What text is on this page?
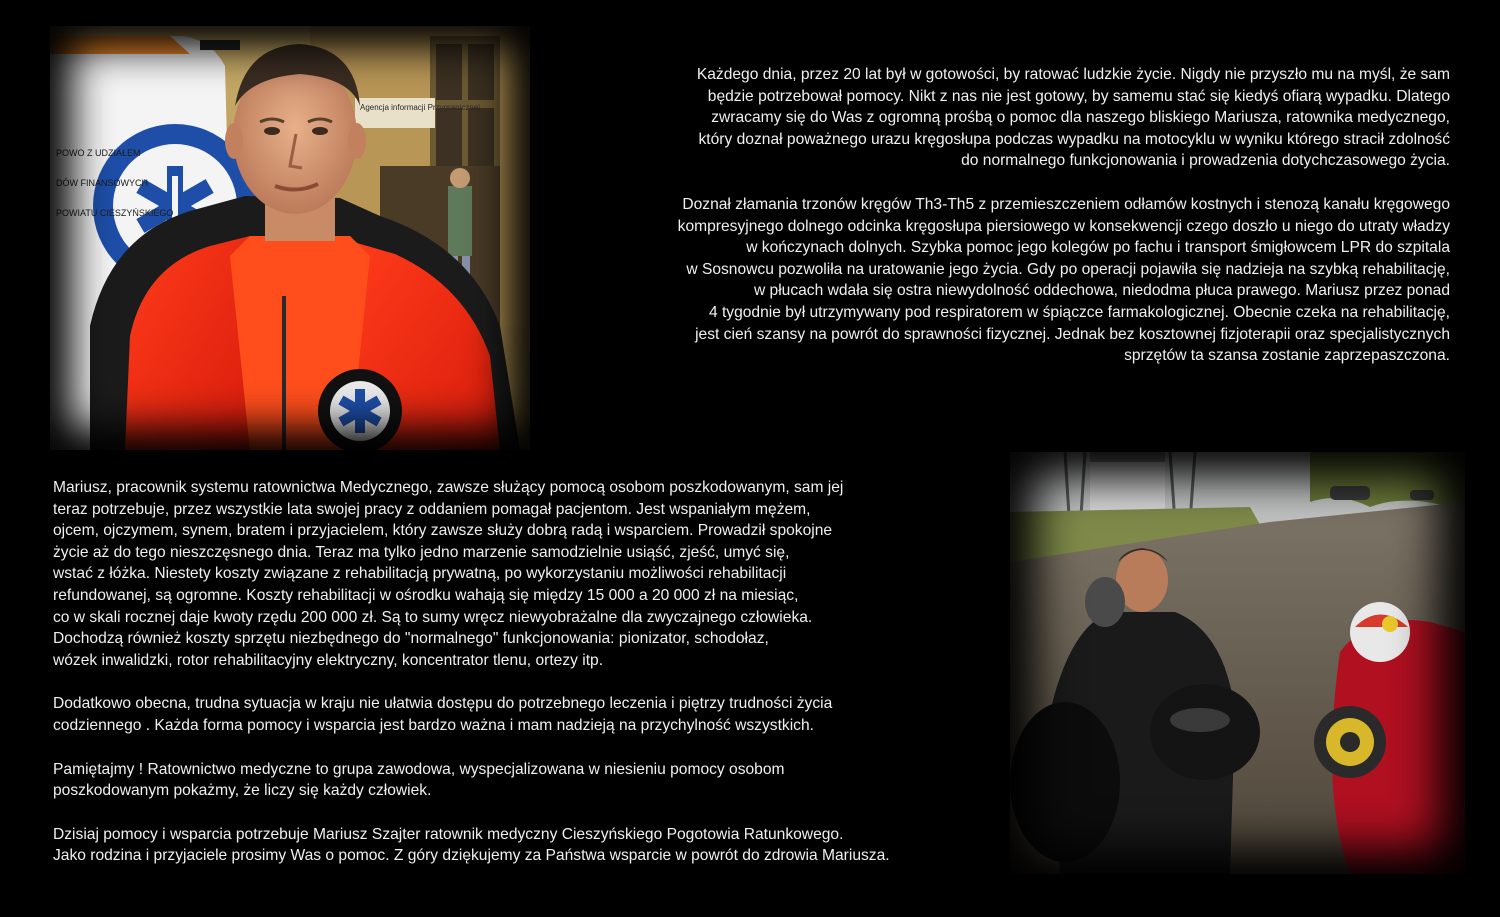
Agencja informacji Przygranicznej
POWO Z UDZIAŁEM
DÓW FINANSOWYCH
POWIATU CIESZYŃSKIEGO

Każdego dnia, przez 20 lat był w gotowości, by ratować ludzkie życie. Nigdy nie przyszło mu na myśl, że sam
będzie potrzebował pomocy. Nikt z nas nie jest gotowy, by samemu stać się kiedyś ofiarą wypadku. Dlatego
zwracamy się do Was z ogromną prośbą o pomoc dla naszego bliskiego Mariusza, ratownika medycznego,
który doznał poważnego urazu kręgosłupa podczas wypadku na motocyklu w wyniku którego stracił zdolność
do normalnego funkcjonowania i prowadzenia dotychczasowego życia.

Doznał złamania trzonów kręgów Th3-Th5 z przemieszczeniem odłamów kostnych i stenozą kanału kręgowego
kompresyjnego dolnego odcinka kręgosłupa piersiowego w konsekwencji czego doszło u niego do utraty władzy
w kończynach dolnych. Szybka pomoc jego kolegów po fachu i transport śmigłowcem LPR do szpitala
w Sosnowcu pozwoliła na uratowanie jego życia. Gdy po operacji pojawiła się nadzieja na szybką rehabilitację,
w płucach wdała się ostra niewydolność oddechowa, niedodma płuca prawego. Mariusz przez ponad
4 tygodnie był utrzymywany pod respiratorem w śpiączce farmakologicznej. Obecnie czeka na rehabilitację,
jest cień szansy na powrót do sprawności fizycznej. Jednak bez kosztownej fizjoterapii oraz specjalistycznych
sprzętów ta szansa zostanie zaprzepaszczona.

Mariusz, pracownik systemu ratownictwa Medycznego, zawsze służący pomocą osobom poszkodowanym, sam jej
teraz potrzebuje, przez wszystkie lata swojej pracy z oddaniem pomagał pacjentom. Jest wspaniałym mężem,
ojcem, ojczymem, synem, bratem i przyjacielem, który zawsze służy dobrą radą i wsparciem. Prowadził spokojne
życie aż do tego nieszczęsnego dnia. Teraz ma tylko jedno marzenie samodzielnie usiąść, zjeść, umyć się,
wstać z łóżka. Niestety koszty związane z rehabilitacją prywatną, po wykorzystaniu możliwości rehabilitacji
refundowanej, są ogromne. Koszty rehabilitacji w ośrodku wahają się między 15 000 a 20 000 zł na miesiąc,
co w skali rocznej daje kwoty rzędu 200 000 zł. Są to sumy wręcz niewyobrażalne dla zwyczajnego człowieka.
Dochodzą również koszty sprzętu niezbędnego do "normalnego" funkcjonowania: pionizator, schodołaz,
wózek inwalidzki, rotor rehabilitacyjny elektryczny, koncentrator tlenu, ortezy itp.

Dodatkowo obecna, trudna sytuacja w kraju nie ułatwia dostępu do potrzebnego leczenia i piętrzy trudności życia
codziennego . Każda forma pomocy i wsparcia jest bardzo ważna i mam nadzieją na przychylność wszystkich.

Pamiętajmy ! Ratownictwo medyczne to grupa zawodowa, wyspecjalizowana w niesieniu pomocy osobom
poszkodowanym pokażmy, że liczy się każdy człowiek.

Dzisiaj pomocy i wsparcia potrzebuje Mariusz Szajter ratownik medyczny Cieszyńskiego Pogotowia Ratunkowego.
Jako rodzina i przyjaciele prosimy Was o pomoc. Z góry dziękujemy za Państwa wsparcie w powrót do zdrowia Mariusza.
